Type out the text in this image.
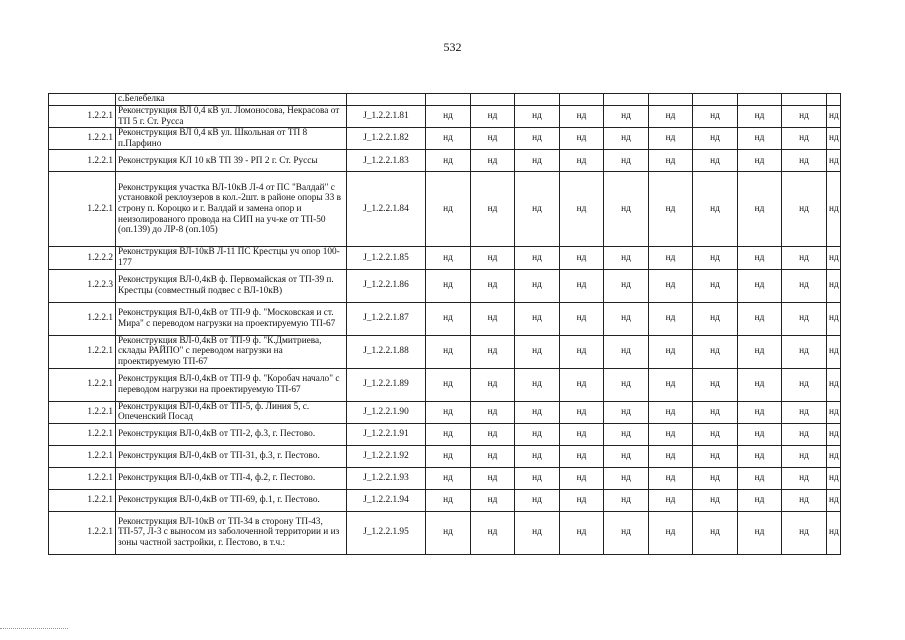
532
	с.Белебелка												
1.2.2.1	Реконструкция ВЛ 0,4 кВ ул. Ломоносова, Некрасова от ТП 5 г. Ст. Русса	J_1.2.2.1.81	нд	нд	нд	нд	нд	нд	нд	нд	нд	нд	
1.2.2.1	Реконструкция ВЛ 0,4 кВ ул. Школьная от ТП 8 п.Парфино	J_1.2.2.1.82	нд	нд	нд	нд	нд	нд	нд	нд	нд	нд	
1.2.2.1	Реконструкция КЛ 10 кВ ТП 39 - РП 2 г. Ст. Руссы	J_1.2.2.1.83	нд	нд	нд	нд	нд	нд	нд	нд	нд	нд	
1.2.2.1	Реконструкция участка ВЛ-10кВ Л-4 от ПС "Валдай" с установкой реклоузеров в кол.-2шт. в районе опоры 33 в строну п. Короцко и г. Валдай и замена опор и неизолированого провода на СИП на уч-ке от ТП-50 (оп.139) до ЛР-8 (оп.105)	J_1.2.2.1.84	нд	нд	нд	нд	нд	нд	нд	нд	нд	нд	
1.2.2.2	Реконструкция ВЛ-10кВ Л-11 ПС Крестцы уч опор 100-177	J_1.2.2.1.85	нд	нд	нд	нд	нд	нд	нд	нд	нд	нд	
1.2.2.3	Реконструкция ВЛ-0,4кВ ф. Первомайская от ТП-39 п. Крестцы (совместный подвес с ВЛ-10кВ)	J_1.2.2.1.86	нд	нд	нд	нд	нд	нд	нд	нд	нд	нд	
1.2.2.1	Реконструкция ВЛ-0,4кВ от ТП-9 ф. "Московская и ст. Мира" с переводом нагрузки на проектируемую ТП-67	J_1.2.2.1.87	нд	нд	нд	нд	нд	нд	нд	нд	нд	нд	
1.2.2.1	Реконструкция ВЛ-0,4кВ от ТП-9 ф. "К.Дмитриева, склады РАЙПО" с переводом нагрузки на проектируемую ТП-67	J_1.2.2.1.88	нд	нд	нд	нд	нд	нд	нд	нд	нд	нд	
1.2.2.1	Реконструкция ВЛ-0,4кВ от ТП-9 ф. "Коробач начало" с переводом нагрузки на проектируемую ТП-67	J_1.2.2.1.89	нд	нд	нд	нд	нд	нд	нд	нд	нд	нд	
1.2.2.1	Реконструкция ВЛ-0,4кВ от ТП-5, ф. Линия 5, с. Опеченский Посад	J_1.2.2.1.90	нд	нд	нд	нд	нд	нд	нд	нд	нд	нд	
1.2.2.1	Реконструкция ВЛ-0,4кВ от ТП-2, ф.3, г. Пестово.	J_1.2.2.1.91	нд	нд	нд	нд	нд	нд	нд	нд	нд	нд	
1.2.2.1	Реконструкция ВЛ-0,4кВ от ТП-31, ф.3, г. Пестово.	J_1.2.2.1.92	нд	нд	нд	нд	нд	нд	нд	нд	нд	нд	
1.2.2.1	Реконструкция ВЛ-0,4кВ от ТП-4, ф.2, г. Пестово.	J_1.2.2.1.93	нд	нд	нд	нд	нд	нд	нд	нд	нд	нд	
1.2.2.1	Реконструкция ВЛ-0,4кВ от ТП-69, ф.1, г. Пестово.	J_1.2.2.1.94	нд	нд	нд	нд	нд	нд	нд	нд	нд	нд	
1.2.2.1	Реконструкция ВЛ-10кВ от ТП-34 в сторону ТП-43, ТП-57, Л-3 с выносом из заболоченной территории и из зоны частной застройки, г. Пестово, в т.ч.:	J_1.2.2.1.95	нд	нд	нд	нд	нд	нд	нд	нд	нд	нд	
